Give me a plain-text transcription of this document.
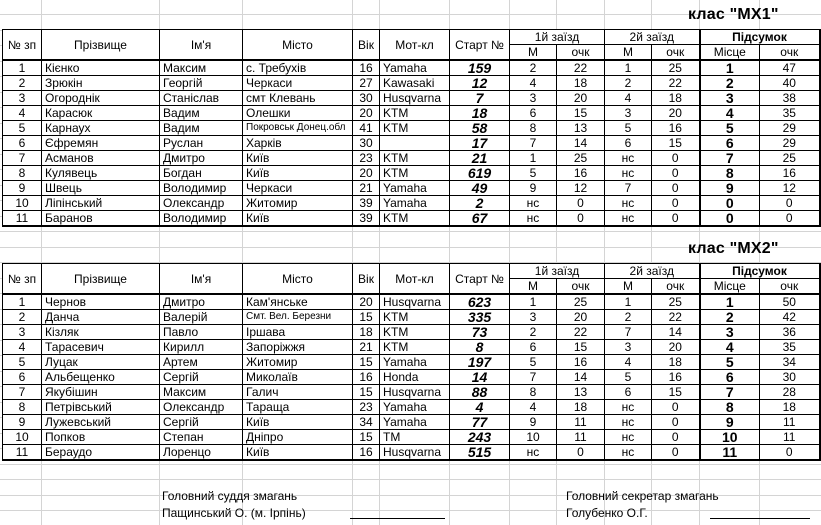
клас "MX1"
№ зп	Прізвище	Ім'я	Місто	Вік	Мот-кл	Старт №	1й заїзд		2й заїзд		Підсумок	
							М	очк	М	очк	Місце	очк
1	Кієнко	Максим	с. Требухів	16	Yamaha	159	2	22	1	25	1	47
2	Зрюкін	Георгій	Черкаси	27	Kawasaki	12	4	18	2	22	2	40
3	Огороднік	Станіслав	смт Клевань	30	Husqvarna	7	3	20	4	18	3	38
4	Карасюк	Вадим	Олешки	20	KTM	18	6	15	3	20	4	35
5	Карнаух	Вадим	Покровськ Донец.обл	41	KTM	58	8	13	5	16	5	29
6	Єфремян	Руслан	Харків	30		17	7	14	6	15	6	29
7	Асманов	Дмитро	Київ	23	KTM	21	1	25	нс	0	7	25
8	Кулявець	Богдан	Київ	20	KTM	619	5	16	нс	0	8	16
9	Швець	Володимир	Черкаси	21	Yamaha	49	9	12	7	0	9	12
10	Ліпінський	Олександр	Житомир	39	Yamaha	2	нс	0	нс	0	0	0
11	Баранов	Володимир	Київ	39	KTM	67	нс	0	нс	0	0	0
клас "MX2"
№ зп	Прізвище	Ім'я	Місто	Вік	Мот-кл	Старт №	1й заїзд		2й заїзд		Підсумок	
							М	очк	М	очк	Місце	очк
1	Чернов	Дмитро	Кам'янське	20	Husqvarna	623	1	25	1	25	1	50
2	Данча	Валерій	Смт. Вел. Березни	15	KTM	335	3	20	2	22	2	42
3	Кізляк	Павло	Іршава	18	KTM	73	2	22	7	14	3	36
4	Тарасевич	Кирилл	Запоріжжя	21	KTM	8	6	15	3	20	4	35
5	Луцак	Артем	Житомир	15	Yamaha	197	5	16	4	18	5	34
6	Альбещенко	Сергій	Миколаїв	16	Honda	14	7	14	5	16	6	30
7	Якубішин	Максим	Галич	15	Husqvarna	88	8	13	6	15	7	28
8	Петрівський	Олександр	Тараща	23	Yamaha	4	4	18	нс	0	8	18
9	Лужевський	Сергій	Київ	34	Yamaha	77	9	11	нс	0	9	11
10	Попков	Степан	Дніпро	15	TM	243	10	11	нс	0	10	11
11	Бераудо	Лоренцо	Київ	16	Husqvarna	515	нс	0	нс	0	11	0
Головний суддя змагань
Пащинський О. (м. Ірпінь)
Головний секретар змагань
Голубенко О.Г.
